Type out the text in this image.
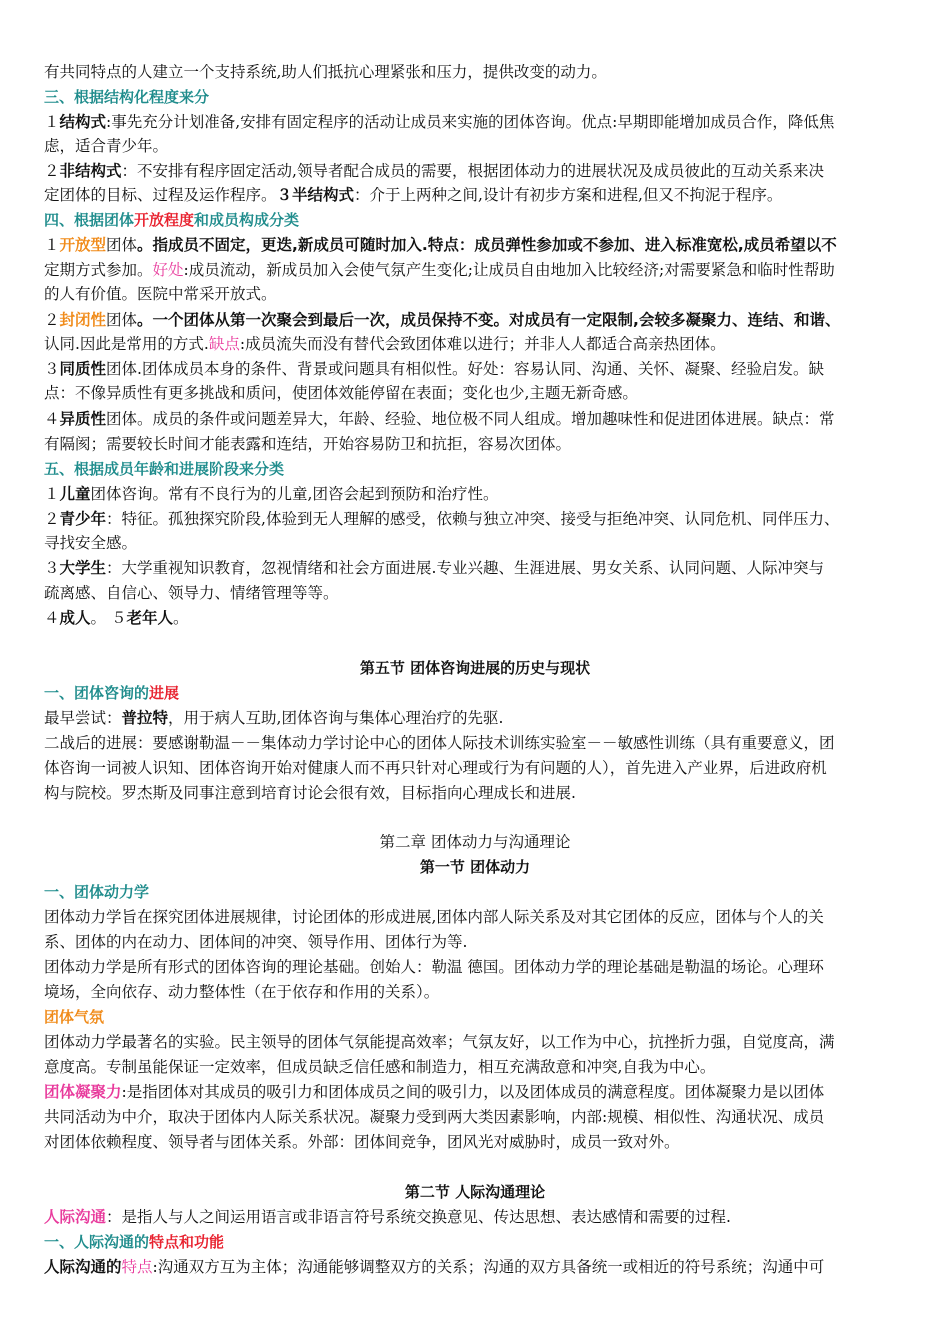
有共同特点的人建立一个支持系统,助人们抵抗心理紧张和压力，提供改变的动力。
三、根据结构化程度来分
１结构式:事先充分计划准备,安排有固定程序的活动让成员来实施的团体咨询。优点:早期即能增加成员合作，降低焦
虑，适合青少年。
２非结构式：不安排有程序固定活动,领导者配合成员的需要，根据团体动力的进展状况及成员彼此的互动关系来决
定团体的目标、过程及运作程序。３半结构式：介于上两种之间,设计有初步方案和进程,但又不拘泥于程序。
四、根据团体开放程度和成员构成分类
１开放型团体。指成员不固定，更迭,新成员可随时加入.特点：成员弹性参加或不参加、进入标准宽松,成员希望以不
定期方式参加。好处:成员流动，新成员加入会使气氛产生变化;让成员自由地加入比较经济;对需要紧急和临时性帮助
的人有价值。医院中常采开放式。
２封闭性团体。一个团体从第一次聚会到最后一次，成员保持不变。对成员有一定限制,会较多凝聚力、连结、和谐、
认同.因此是常用的方式.缺点:成员流失而没有替代会致团体难以进行；并非人人都适合高亲热团体。
３同质性团体.团体成员本身的条件、背景或问题具有相似性。好处：容易认同、沟通、关怀、凝聚、经验启发。缺
点：不像异质性有更多挑战和质问，使团体效能停留在表面；变化也少,主题无新奇感。
４异质性团体。成员的条件或问题差异大，年龄、经验、地位极不同人组成。增加趣味性和促进团体进展。缺点：常
有隔阂；需要较长时间才能表露和连结，开始容易防卫和抗拒，容易次团体。
五、根据成员年龄和进展阶段来分类
１儿童团体咨询。常有不良行为的儿童,团咨会起到预防和治疗性。
２青少年：特征。孤独探究阶段,体验到无人理解的感受，依赖与独立冲突、接受与拒绝冲突、认同危机、同伴压力、
寻找安全感。
３大学生：大学重视知识教育，忽视情绪和社会方面进展.专业兴趣、生涯进展、男女关系、认同问题、人际冲突与
疏离感、自信心、领导力、情绪管理等等。
４成人。 ５老年人。
第五节 团体咨询进展的历史与现状
一、团体咨询的进展
最早尝试：普拉特，用于病人互助,团体咨询与集体心理治疗的先驱.
二战后的进展：要感谢勒温－－集体动力学讨论中心的团体人际技术训练实验室－－敏感性训练（具有重要意义，团
体咨询一词被人识知、团体咨询开始对健康人而不再只针对心理或行为有问题的人），首先进入产业界，后进政府机
构与院校。罗杰斯及同事注意到培育讨论会很有效，目标指向心理成长和进展.
第二章 团体动力与沟通理论
第一节 团体动力
一、团体动力学
团体动力学旨在探究团体进展规律，讨论团体的形成进展,团体内部人际关系及对其它团体的反应，团体与个人的关
系、团体的内在动力、团体间的冲突、领导作用、团体行为等.
团体动力学是所有形式的团体咨询的理论基础。创始人：勒温 德国。团体动力学的理论基础是勒温的场论。心理环
境场，全向依存、动力整体性（在于依存和作用的关系）。
团体气氛
团体动力学最著名的实验。民主领导的团体气氛能提高效率；气氛友好，以工作为中心，抗挫折力强，自觉度高，满
意度高。专制虽能保证一定效率，但成员缺乏信任感和制造力，相互充满敌意和冲突,自我为中心。
团体凝聚力:是指团体对其成员的吸引力和团体成员之间的吸引力，以及团体成员的满意程度。团体凝聚力是以团体
共同活动为中介，取决于团体内人际关系状况。凝聚力受到两大类因素影响，内部:规模、相似性、沟通状况、成员
对团体依赖程度、领导者与团体关系。外部：团体间竞争，团风光对威胁时，成员一致对外。
第二节 人际沟通理论
人际沟通：是指人与人之间运用语言或非语言符号系统交换意见、传达思想、表达感情和需要的过程.
一、人际沟通的特点和功能
人际沟通的特点:沟通双方互为主体；沟通能够调整双方的关系；沟通的双方具备统一或相近的符号系统；沟通中可
